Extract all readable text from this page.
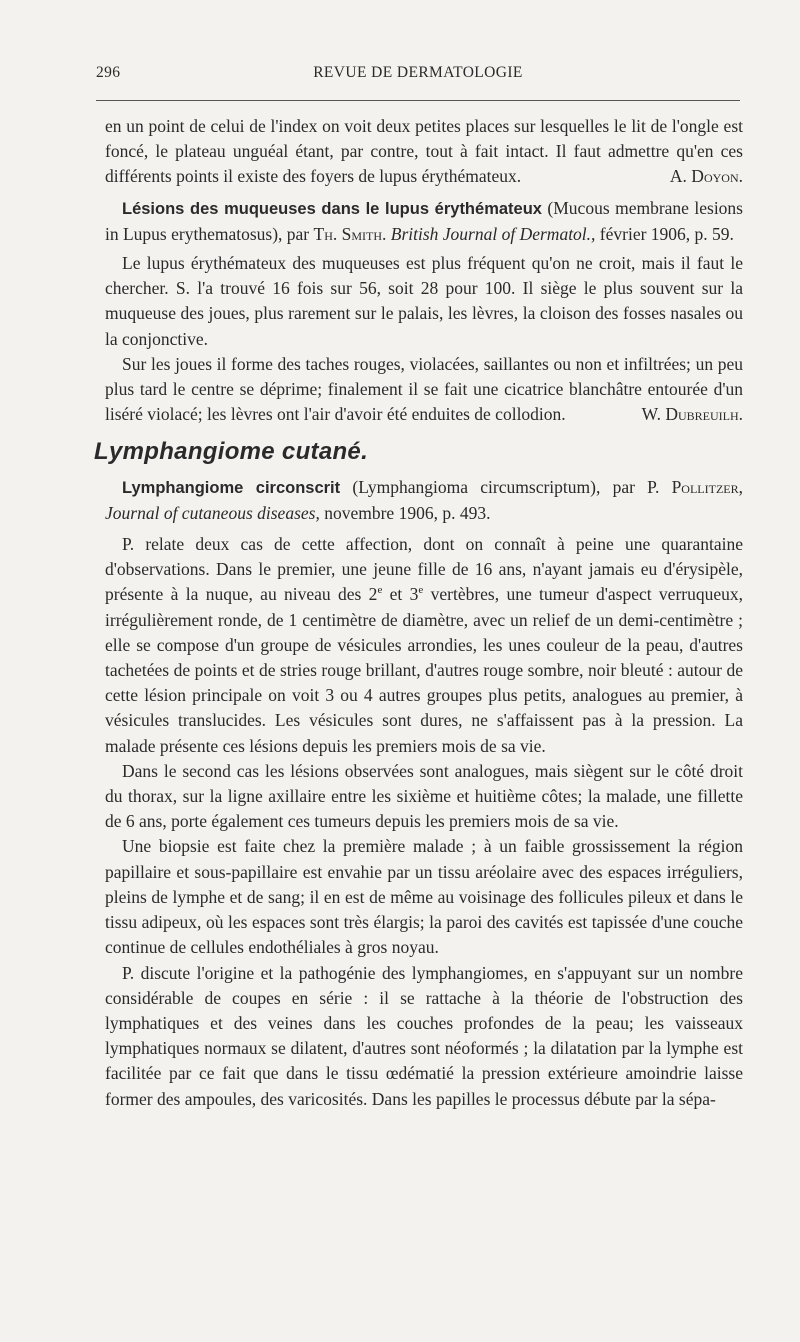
296	REVUE DE DERMATOLOGIE

en un point de celui de l'index on voit deux petites places sur lesquelles le lit de l'ongle est foncé, le plateau unguéal étant, par contre, tout à fait intact. Il faut admettre qu'en ces différents points il existe des foyers de lupus érythémateux.	A. Doyon.

Lésions des muqueuses dans le lupus érythémateux (Mucous membrane lesions in Lupus erythematosus), par Th. Smith. British Journal of Dermatol., février 1906, p. 59.

Le lupus érythémateux des muqueuses est plus fréquent qu'on ne croit, mais il faut le chercher. S. l'a trouvé 16 fois sur 56, soit 28 pour 100. Il siège le plus souvent sur la muqueuse des joues, plus rarement sur le palais, les lèvres, la cloison des fosses nasales ou la conjonctive.

Sur les joues il forme des taches rouges, violacées, saillantes ou non et infiltrées; un peu plus tard le centre se déprime; finalement il se fait une cicatrice blanchâtre entourée d'un liséré violacé; les lèvres ont l'air d'avoir été enduites de collodion.	W. Dubreuilh.

Lymphangiome cutané.

Lymphangiome circonscrit (Lymphangioma circumscriptum), par P. Pollitzer, Journal of cutaneous diseases, novembre 1906, p. 493.

P. relate deux cas de cette affection, dont on connaît à peine une quarantaine d'observations. Dans le premier, une jeune fille de 16 ans, n'ayant jamais eu d'érysipèle, présente à la nuque, au niveau des 2e et 3e vertèbres, une tumeur d'aspect verruqueux, irrégulièrement ronde, de 1 centimètre de diamètre, avec un relief de un demi-centimètre ; elle se compose d'un groupe de vésicules arrondies, les unes couleur de la peau, d'autres tachetées de points et de stries rouge brillant, d'autres rouge sombre, noir bleuté : autour de cette lésion principale on voit 3 ou 4 autres groupes plus petits, analogues au premier, à vésicules translucides. Les vésicules sont dures, ne s'affaissent pas à la pression. La malade présente ces lésions depuis les premiers mois de sa vie.

Dans le second cas les lésions observées sont analogues, mais siègent sur le côté droit du thorax, sur la ligne axillaire entre les sixième et huitième côtes; la malade, une fillette de 6 ans, porte également ces tumeurs depuis les premiers mois de sa vie.

Une biopsie est faite chez la première malade ; à un faible grossissement la région papillaire et sous-papillaire est envahie par un tissu aréolaire avec des espaces irréguliers, pleins de lymphe et de sang; il en est de même au voisinage des follicules pileux et dans le tissu adipeux, où les espaces sont très élargis; la paroi des cavités est tapissée d'une couche continue de cellules endothéliales à gros noyau.

P. discute l'origine et la pathogénie des lymphangiomes, en s'appuyant sur un nombre considérable de coupes en série : il se rattache à la théorie de l'obstruction des lymphatiques et des veines dans les couches profondes de la peau; les vaisseaux lymphatiques normaux se dilatent, d'autres sont néoformés ; la dilatation par la lymphe est facilitée par ce fait que dans le tissu œdématié la pression extérieure amoindrie laisse former des ampoules, des varicosités. Dans les papilles le processus débute par la sépa-
